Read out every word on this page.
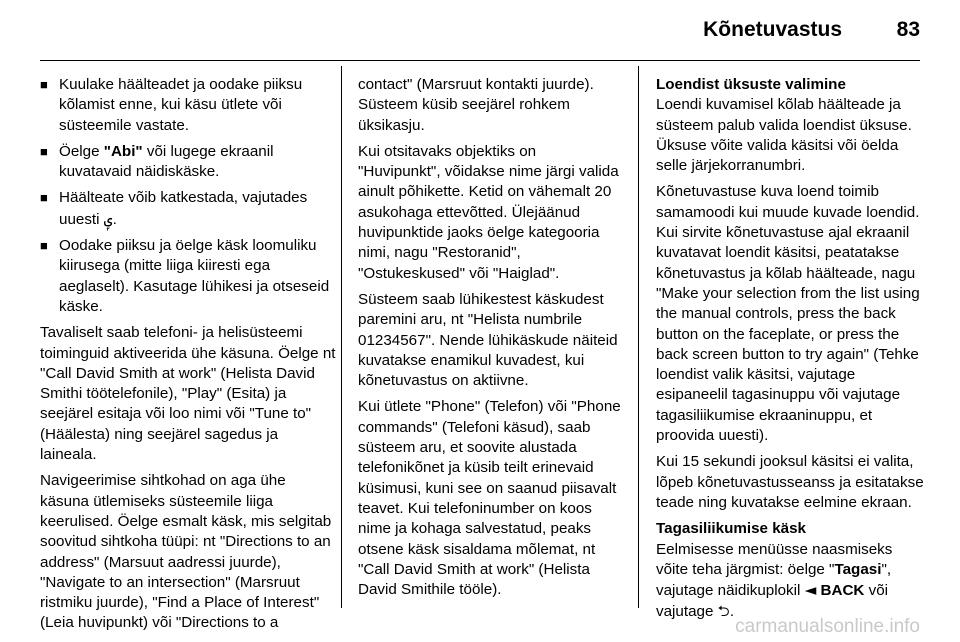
Kõnetuvastus	83
■ Kuulake häälteadet ja oodake piiksu kõlamist enne, kui käsu ütlete või süsteemile vastate.
■ Öelge "Abi" või lugege ekraanil kuvatavaid näidiskäske.
■ Häälteate võib katkestada, vajutades uuesti ݷ.
■ Oodake piiksu ja öelge käsk loomuliku kiirusega (mitte liiga kiiresti ega aeglaselt). Kasutage lühikesi ja otseseid käske.

Tavaliselt saab telefoni- ja helisüsteemi toiminguid aktiveerida ühe käsuna. Öelge nt "Call David Smith at work" (Helista David Smithi töötelefonile), "Play" (Esita) ja seejärel esitaja või loo nimi või "Tune to" (Häälesta) ning seejärel sagedus ja laineala.

Navigeerimise sihtkohad on aga ühe käsuna ütlemiseks süsteemile liiga keerulised. Öelge esmalt käsk, mis selgitab soovitud sihtkoha tüüpi: nt "Directions to an address" (Marsuut aadressi juurde), "Navigate to an intersection" (Marsruut ristmiku juurde), "Find a Place of Interest" (Leia huvipunkt) või "Directions to a

contact" (Marsruut kontakti juurde). Süsteem küsib seejärel rohkem üksikasju.

Kui otsitavaks objektiks on "Huvipunkt", võidakse nime järgi valida ainult põhikette. Ketid on vähemalt 20 asukohaga ettevõtted. Ülejäänud huvipunktide jaoks öelge kategooria nimi, nagu "Restoranid", "Ostukeskused" või "Haiglad".

Süsteem saab lühikestest käskudest paremini aru, nt "Helista numbrile 01234567". Nende lühikäskude näiteid kuvatakse enamikul kuvadest, kui kõnetuvastus on aktiivne.

Kui ütlete "Phone" (Telefon) või "Phone commands" (Telefoni käsud), saab süsteem aru, et soovite alustada telefonikõnet ja küsib teilt erinevaid küsimusi, kuni see on saanud piisavalt teavet. Kui telefoninumber on koos nime ja kohaga salvestatud, peaks otsene käsk sisaldama mõlemat, nt "Call David Smith at work" (Helista David Smithile tööle).

Loendist üksuste valimine

Loendi kuvamisel kõlab häälteade ja süsteem palub valida loendist üksuse. Üksuse võite valida käsitsi või öelda selle järjekorranumbri.

Kõnetuvastuse kuva loend toimib samamoodi kui muude kuvade loendid. Kui sirvite kõnetuvastuse ajal ekraanil kuvatavat loendit käsitsi, peatatakse kõnetuvastus ja kõlab häälteade, nagu "Make your selection from the list using the manual controls, press the back button on the faceplate, or press the back screen button to try again" (Tehke loendist valik käsitsi, vajutage esipaneelil tagasinuppu või vajutage tagasiliikumise ekraaninuppu, et proovida uuesti).

Kui 15 sekundi jooksul käsitsi ei valita, lõpeb kõnetuvastusseanss ja esitatakse teade ning kuvatakse eelmine ekraan.

Tagasiliikumise käsk

Eelmisesse menüüsse naasmiseks võite teha järgmist: öelge "Tagasi", vajutage näidikuplokil ◄ BACK või vajutage ⮌.

carmanualsonline.info
